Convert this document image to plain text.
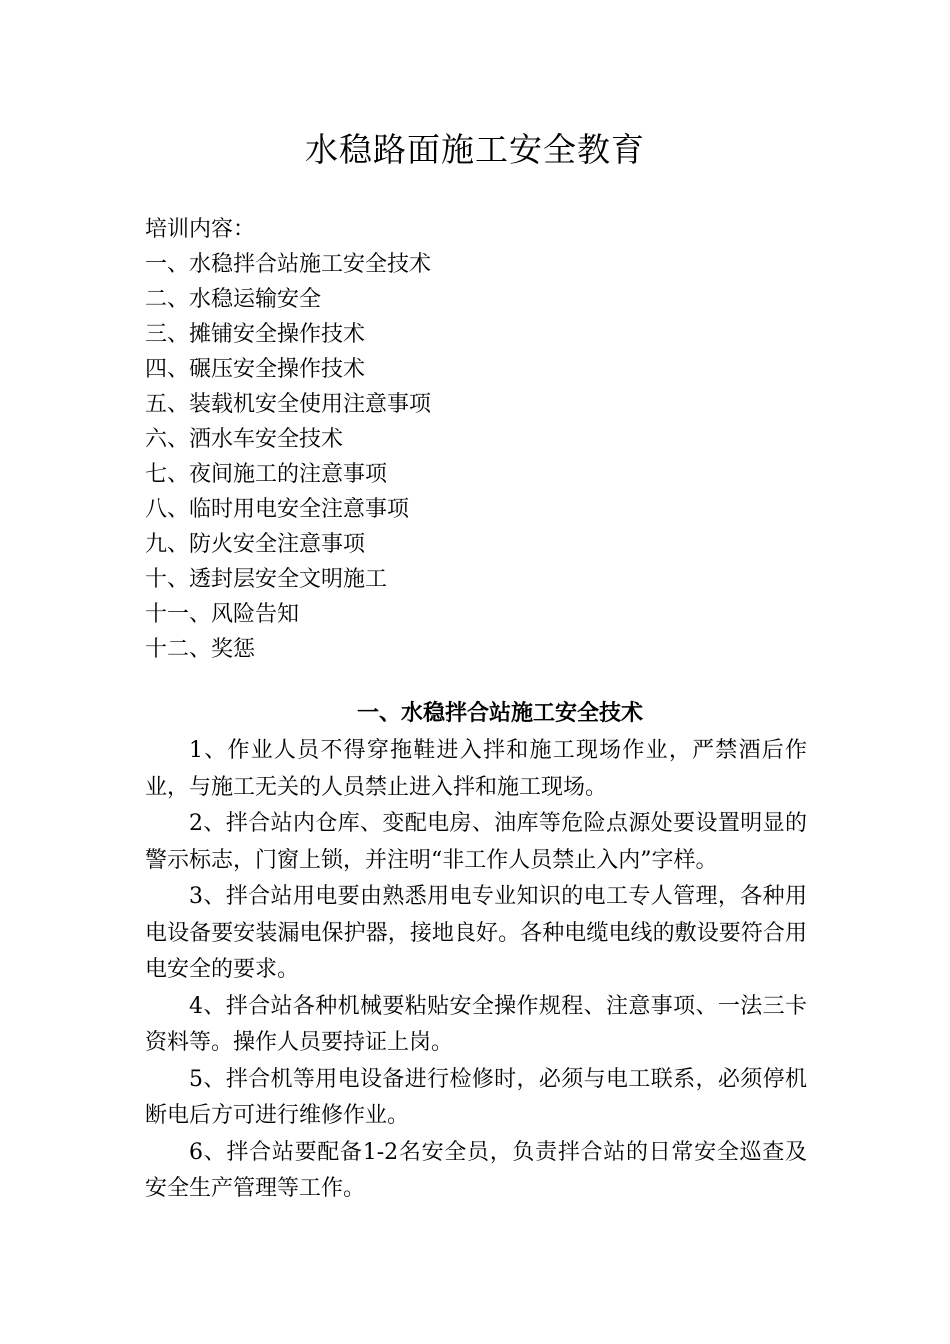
水稳路面施工安全教育
培训内容：
一、水稳拌合站施工安全技术
二、水稳运输安全
三、摊铺安全操作技术
四、碾压安全操作技术
五、装载机安全使用注意事项
六、洒水车安全技术
七、夜间施工的注意事项
八、临时用电安全注意事项
九、防火安全注意事项
十、透封层安全文明施工
十一、风险告知
十二、奖惩
一、水稳拌合站施工安全技术

1、作业人员不得穿拖鞋进入拌和施工现场作业，严禁酒后作业，与施工无关的人员禁止进入拌和施工现场。

2、拌合站内仓库、变配电房、油库等危险点源处要设置明显的警示标志，门窗上锁，并注明“非工作人员禁止入内”字样。

3、拌合站用电要由熟悉用电专业知识的电工专人管理，各种用电设备要安装漏电保护器，接地良好。各种电缆电线的敷设要符合用电安全的要求。

4、拌合站各种机械要粘贴安全操作规程、注意事项、一法三卡资料等。操作人员要持证上岗。

5、拌合机等用电设备进行检修时，必须与电工联系，必须停机断电后方可进行维修作业。

6、拌合站要配备1-2名安全员，负责拌合站的日常安全巡查及安全生产管理等工作。
